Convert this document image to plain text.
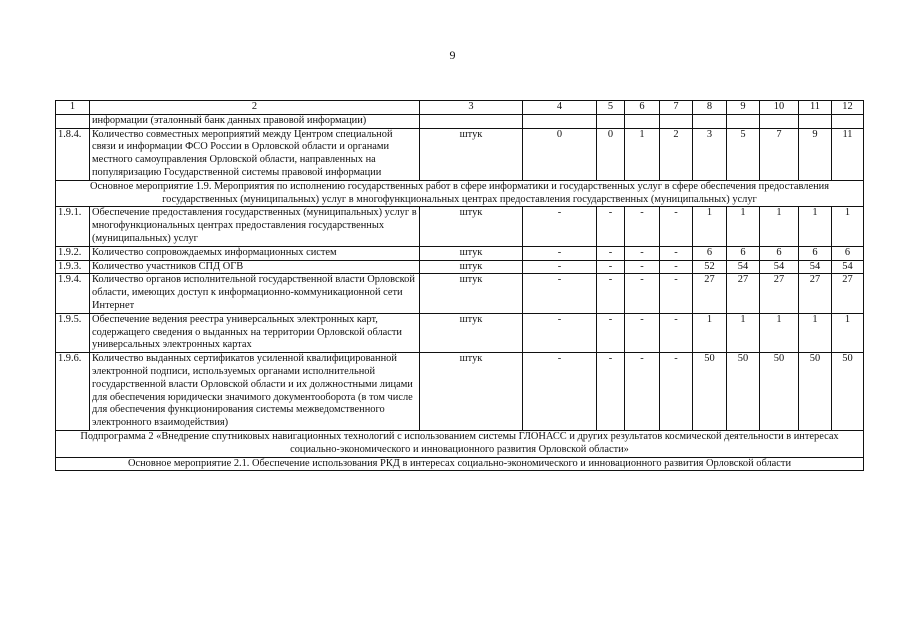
9
1	2	3	4	5	6	7	8	9	10	11	12
	информации (эталонный банк данных правовой информации)										
1.8.4.	Количество совместных мероприятий между Центром специальной связи и информации ФСО России в Орловской области и органами местного самоуправления Орловской области, направленных на популяризацию Государственной системы правовой информации	штук	0	0	1	2	3	5	7	9	11
Основное мероприятие 1.9. Мероприятия по исполнению государственных работ в сфере информатики и государственных услуг в сфере обеспечения предоставления государственных (муниципальных) услуг в многофункциональных центрах предоставления государственных (муниципальных) услуг											
1.9.1.	Обеспечение предоставления государственных (муниципальных) услуг в многофункциональных центрах предоставления государственных (муниципальных) услуг	штук	-	-	-	-	1	1	1	1	1
1.9.2.	Количество сопровождаемых информационных систем	штук	-	-	-	-	6	6	6	6	6
1.9.3.	Количество участников СПД ОГВ	штук	-	-	-	-	52	54	54	54	54
1.9.4.	Количество органов исполнительной государственной власти Орловской области, имеющих доступ к информационно-коммуникационной сети Интернет	штук	-	-	-	-	27	27	27	27	27
1.9.5.	Обеспечение ведения реестра универсальных электронных карт, содержащего сведения о выданных на территории Орловской области универсальных электронных картах	штук	-	-	-	-	1	1	1	1	1
1.9.6.	Количество выданных сертификатов усиленной квалифицированной электронной подписи, используемых органами исполнительной государственной власти Орловской области и их должностными лицами для обеспечения юридически значимого документооборота (в том числе для обеспечения функционирования системы межведомственного электронного взаимодействия)	штук	-	-	-	-	50	50	50	50	50
Подпрограмма 2 «Внедрение спутниковых навигационных технологий с использованием системы ГЛОНАСС и других результатов космической деятельности в интересах социально-экономического и инновационного развития Орловской области»											
Основное мероприятие 2.1. Обеспечение использования РКД в интересах социально-экономического и инновационного развития Орловской области											
